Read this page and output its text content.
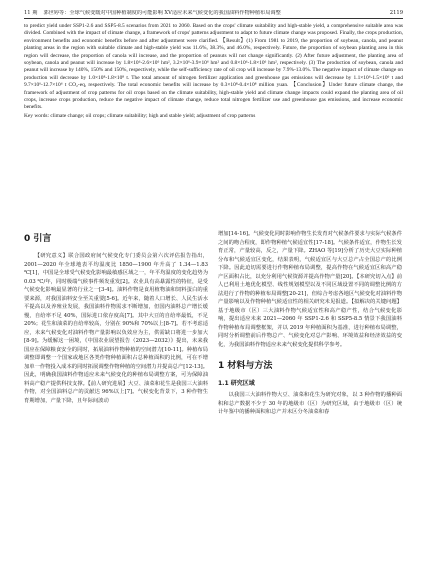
11 期 郭世婷等：全球气候变暖对中国种植制度的可能影响 XV适应未来气候变化的我国油料作物种植布局调整	2119

to predict yield under SSP1-2.6 and SSP5-8.5 scenarios from 2021 to 2060. Based on the crops' climate suitability and high-stable yield, a comprehensive suitable area was divided. Combined with the impact of climate change, a framework of crops' patterns adjustment to adapt to future climate change was proposed. Finally, the crops production, environment benefits and economic benefits before and after adjustment were clarified. 【Result】(1) From 1981 to 2019, the proportion of soybean, canola, and peanut planting areas in the region with suitable climate and high-stable yield was 11.6%, 38.3%, and 46.0%, respectively. Future, the proportion of soybean planting area in this region will decrease, the proportion of canola will increase, and the proportion of peanuts will not change significantly. (2) After future adjustment, the planting area of soybean, canola and peanut will increase by 1.8×10⁶-2.6×10⁶ hm², 3.2×10⁶-3.9×10⁶ hm² and 0.8×10⁶-1.8×10⁶ hm², respectively. (3) The production of soybean, canola and peanut will increase by 140%, 150% and 150%, respectively, while the self-sufficiency rate of oil crop will increase by 7.9%-13.0%. The negative impact of climate change on production will decrease by 1.0×10⁸-1.8×10⁸ t. The total amount of nitrogen fertilizer application and greenhouse gas emissions will decrease by 1.1×10⁶-1.5×10⁶ t and 9.7×10⁶-12.7×10⁶ t CO₂-eq, respectively. The total economic benefits will increase by 0.3×10⁸-0.4×10⁸ million yuan. 【Conclusion】Under future climate change, the framework of adjustment of crop patterns for oil crops based on the climate suitability, high-stable yield and climate change impacts could expand the planting area of oil crops, increase crops production, reduce the negative impact of climate change, reduce total nitrogen fertilizer use and greenhouse gas emissions, and increase economic benefits.

Key words: climate change; oil crops; climate suitability; high and stable yield; adjustment of crop patterns
0 引言

【研究意义】联合国政府间气候变化专门委员会第六次评估报告指出，2001—2020 年全球地表平均温度比 1850—1900 年升高了 1.34—1.83 ℃[1]，中国是全球受气候变化影响最敏感区域之一，年平均温度的变化趋势为 0.03 ℃/年，同时极端气候事件频发重发[2]。农业具有高暴露性的特征，是受气候变化影响最显著的行业之一[3-4]。油料作物是食用植物油和饲料蛋白的重要来源，对我国油料安全至关重要[5-6]。近年来，随着人口增长、人民生活水平提高以及养殖业发展，我国油料作物需求不断增加，但国内油料总产增长缓慢，自给率不足 40%，国际进口依存度高[7]。其中大豆的自给率最低，不足 20%；花生和油菜的自给率较高，分别在 90%和 70%以上[8-7]。若不考虑适应，未来气候变化对油料作物产量影响以负效应为主，供需缺口将进一步加大[8-9]。为缓解这一困境，《中国农业展望报告（2023—2032）》提出，未来我国应在保障粮食安全的同时，拓展油料作物种植的空间潜力[10-11]。种植布局调整即调整一个国家或地区各类作物种植面积占总种植面积的比例，可在不增加单一作物投入成本的同时拓展调整作物种植的空间潜力并提高总产[12-13]。因此，明确我国油料作物适应未来气候变化的种植布局调整方案，可为保障油料高产稳产提供科技支撑。【前人研究进展】大豆、油菜和花生是我国三大油料作物，对全国油料总产的贡献达 96%以上[7]。气候变化背景下，3 种作物生育期增加，产量下降，且年际间波动

增加[14-16]。气候变化同时影响作物生长发育对气候条件要求与实际气候条件之间的吻合程度，即作物种植气候适宜性[17-18]。气候条件适宜，作物生长发育正常，产量较高，反之，产量下降。ZHAO 等[19]分析了历史大豆实际种植分布和气候适宜区变化，结果表明，气候适宜区与大豆总产占全国总产的比例下降。因此迫切需要进行作物种植布局调整，提高作物在气候适宜区和高产稳产区面积占比，以充分利用气候资源并提高作物产量[20]。【本研究切入点】前人已利用土地优化模型、线性规划模型以及不同区域设置不同的调整比例的方法进行了作物的种植布局调整[20-21]，但综合考虑各地区气候变化对油料作物产量影响以及作物种植气候适宜性的相关研究未见报道。【拟解决的关键问题】基于地级市（区）三大油料作物气候适宜性和高产稳产性，结合气候变化影响，提出适应未来 2021—2060 年 SSP1-2.6 和 SSP5-8.5 情景下我国油料作物种植布局调整框架，并以 2019 年种植面积为基准，进行种植布局调整，同时分析调整前后作物总产、气候变化对总产影响、环境效益和经济效益的变化，为我国油料作物适应未来气候变化提供科学参考。

1 材料与方法
1.1 研究区域

以我国三大油料作物大豆、油菜和花生为研究对象，以 3 种作物的播种面积和总产数据不少于 30 年的地级市（区）为研究区域，由于地级市（区）统计年鉴中的播种面积和总产并未区分冬油菜和春
